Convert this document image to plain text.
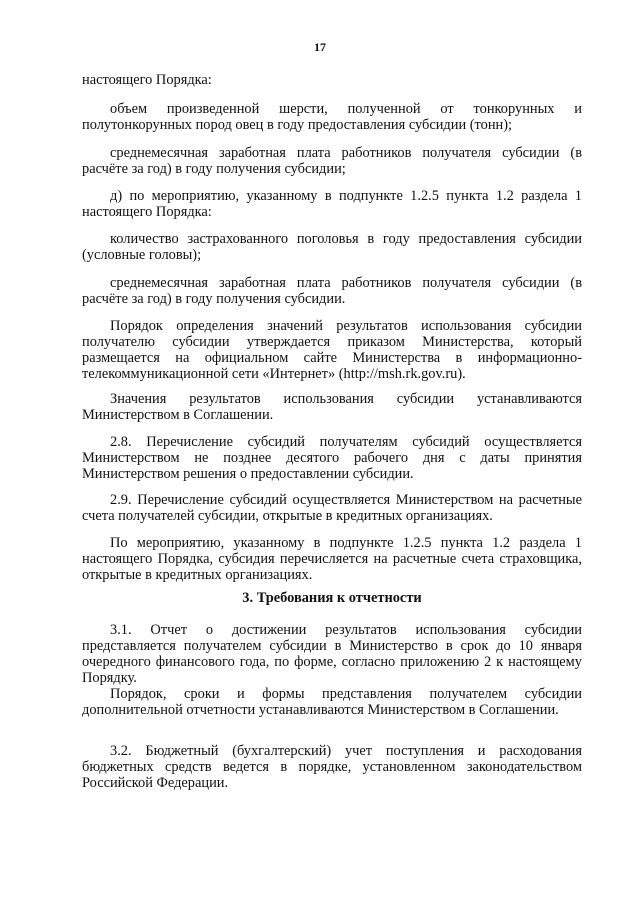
17

настоящего Порядка:

объем произведенной шерсти, полученной от тонкорунных и полутонкорунных пород овец в году предоставления субсидии (тонн);

среднемесячная заработная плата работников получателя субсидии (в расчёте за год) в году получения субсидии;

д) по мероприятию, указанному в подпункте 1.2.5 пункта 1.2 раздела 1 настоящего Порядка:

количество застрахованного поголовья в году предоставления субсидии (условные головы);

среднемесячная заработная плата работников получателя субсидии (в расчёте за год) в году получения субсидии.

Порядок определения значений результатов использования субсидии получателю субсидии утверждается приказом Министерства, который размещается на официальном сайте Министерства в информационно-телекоммуникационной сети «Интернет» (http://msh.rk.gov.ru).

Значения результатов использования субсидии устанавливаются Министерством в Соглашении.

2.8. Перечисление субсидий получателям субсидий осуществляется Министерством не позднее десятого рабочего дня с даты принятия Министерством решения о предоставлении субсидии.

2.9. Перечисление субсидий осуществляется Министерством на расчетные счета получателей субсидии, открытые в кредитных организациях.

По мероприятию, указанному в подпункте 1.2.5 пункта 1.2 раздела 1 настоящего Порядка, субсидия перечисляется на расчетные счета страховщика, открытые в кредитных организациях.

3. Требования к отчетности

3.1. Отчет о достижении результатов использования субсидии представляется получателем субсидии в Министерство в срок до 10 января очередного финансового года, по форме, согласно приложению 2 к настоящему Порядку.

Порядок, сроки и формы представления получателем субсидии дополнительной отчетности устанавливаются Министерством в Соглашении.

3.2. Бюджетный (бухгалтерский) учет поступления и расходования бюджетных средств ведется в порядке, установленном законодательством Российской Федерации.
